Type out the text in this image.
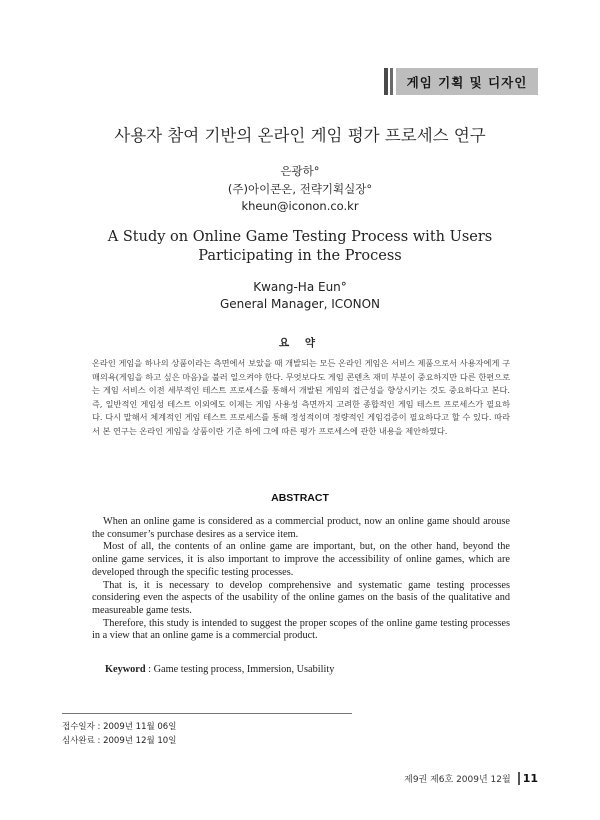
게임 기획 및 디자인
사용자 참여 기반의 온라인 게임 평가 프로세스 연구
은광하°
(주)아이콘온, 전략기획실장°
kheun@iconon.co.kr
A Study on Online Game Testing Process with Users
Participating in the Process
Kwang-Ha Eun°
General Manager, ICONON
요 약

온라인 게임을 하나의 상품이라는 측면에서 보았을 때 개발되는 모든 온라인 게임은 서비스 제품으로서 사용자에게 구매의욕(게임을 하고 싶은 마음)을 불러 일으켜야 한다. 무엇보다도 게임 콘텐츠 재미 부분이 중요하지만 다른 한편으로는 게임 서비스 이전 세부적인 테스트 프로세스를 통해서 개발된 게임의 접근성을 향상시키는 것도 중요하다고 본다. 즉, 일반적인 게임성 테스트 이외에도 이제는 게임 사용성 측면까지 고려한 종합적인 게임 테스트 프로세스가 필요하다. 다시 말해서 체계적인 게임 테스트 프로세스를 통해 정성적이며 정량적인 게임검증이 필요하다고 할 수 있다. 따라서 본 연구는 온라인 게임을 상품이란 기준 하에 그에 따른 평가 프로세스에 관한 내용을 제안하였다.

ABSTRACT

When an online game is considered as a commercial product, now an online game should arouse the consumer’s purchase desires as a service item.

Most of all, the contents of an online game are important, but, on the other hand, beyond the online game services, it is also important to improve the accessibility of online games, which are developed through the specific testing processes.

That is, it is necessary to develop comprehensive and systematic game testing processes considering even the aspects of the usability of the online games on the basis of the qualitative and measureable game tests.

Therefore, this study is intended to suggest the proper scopes of the online game testing processes in a view that an online game is a commercial product.

Keyword : Game testing process, Immersion, Usability
접수일자 : 2009년 11월 06일
심사완료 : 2009년 12월 10일
제9권 제6호 2009년 12월 11
